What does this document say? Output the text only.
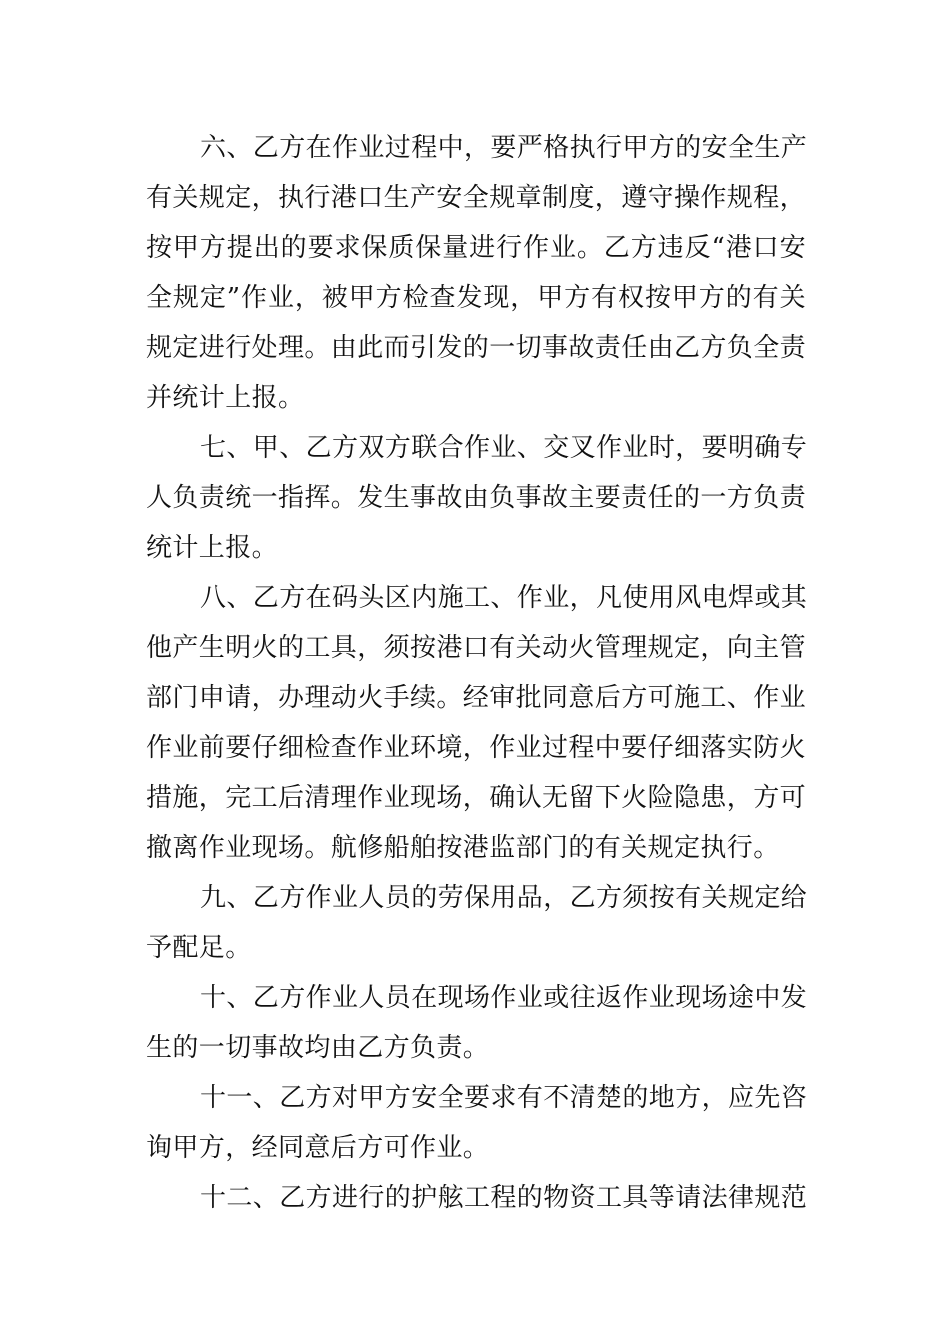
六、乙方在作业过程中，要严格执行甲方的安全生产
有关规定，执行港口生产安全规章制度，遵守操作规程，
按甲方提出的要求保质保量进行作业。乙方违反“港口安
全规定”作业，被甲方检查发现，甲方有权按甲方的有关
规定进行处理。由此而引发的一切事故责任由乙方负全责
并统计上报。
七、甲、乙方双方联合作业、交叉作业时，要明确专
人负责统一指挥。发生事故由负事故主要责任的一方负责
统计上报。
八、乙方在码头区内施工、作业，凡使用风电焊或其
他产生明火的工具，须按港口有关动火管理规定，向主管
部门申请，办理动火手续。经审批同意后方可施工、作业
作业前要仔细检查作业环境，作业过程中要仔细落实防火
措施，完工后清理作业现场，确认无留下火险隐患，方可
撤离作业现场。航修船舶按港监部门的有关规定执行。
九、乙方作业人员的劳保用品，乙方须按有关规定给
予配足。
十、乙方作业人员在现场作业或往返作业现场途中发
生的一切事故均由乙方负责。
十一、乙方对甲方安全要求有不清楚的地方，应先咨
询甲方，经同意后方可作业。
十二、乙方进行的护舷工程的物资工具等请法律规范
